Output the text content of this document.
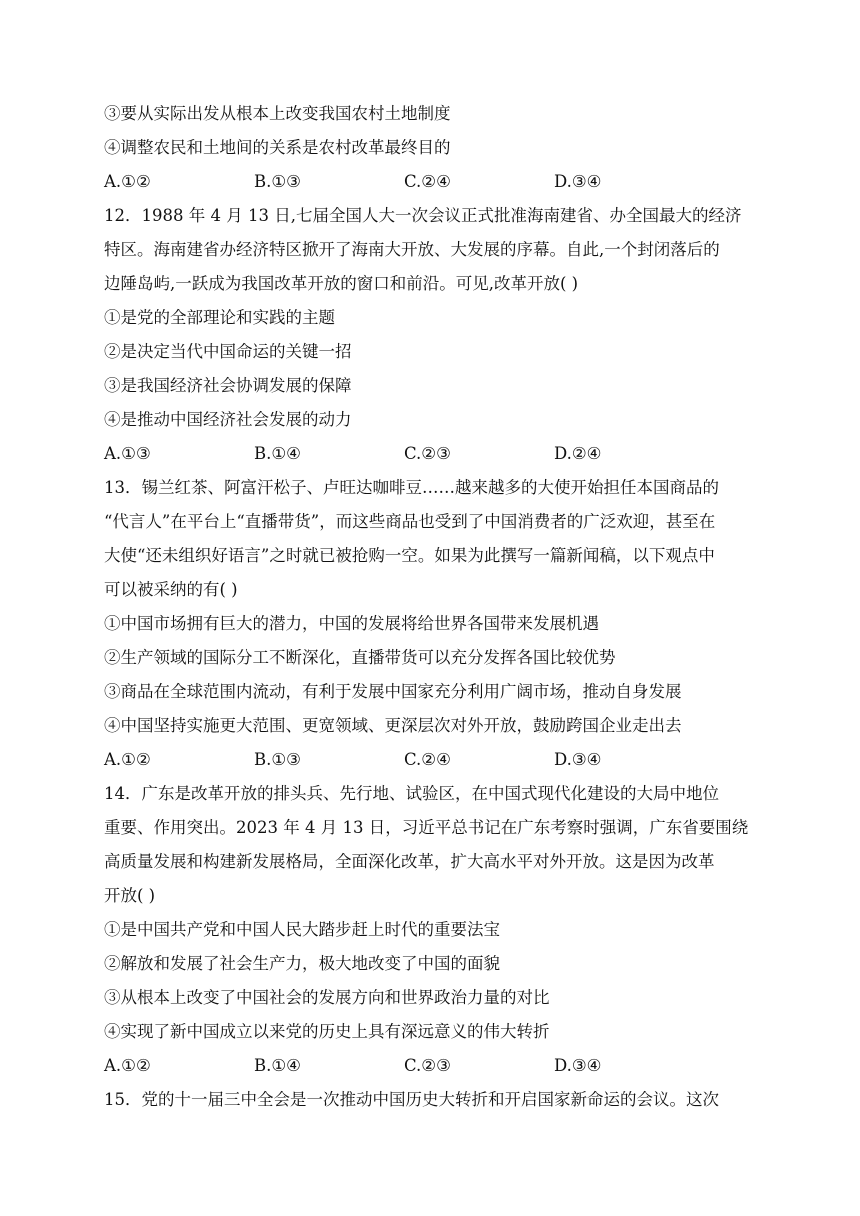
③要从实际出发从根本上改变我国农村土地制度
④调整农民和土地间的关系是农村改革最终目的
A.①②	B.①③	C.②④	D.③④
12．1988 年 4 月 13 日,七届全国人大一次会议正式批准海南建省、办全国最大的经济
特区。海南建省办经济特区掀开了海南大开放、大发展的序幕。自此,一个封闭落后的
边陲岛屿,一跃成为我国改革开放的窗口和前沿。可见,改革开放( )
①是党的全部理论和实践的主题
②是决定当代中国命运的关键一招
③是我国经济社会协调发展的保障
④是推动中国经济社会发展的动力
A.①③	B.①④	C.②③	D.②④
13．锡兰红茶、阿富汗松子、卢旺达咖啡豆……越来越多的大使开始担任本国商品的
“代言人”在平台上“直播带货”，而这些商品也受到了中国消费者的广泛欢迎，甚至在
大使“还未组织好语言”之时就已被抢购一空。如果为此撰写一篇新闻稿，以下观点中
可以被采纳的有( )
①中国市场拥有巨大的潜力，中国的发展将给世界各国带来发展机遇
②生产领域的国际分工不断深化，直播带货可以充分发挥各国比较优势
③商品在全球范围内流动，有利于发展中国家充分利用广阔市场，推动自身发展
④中国坚持实施更大范围、更宽领域、更深层次对外开放，鼓励跨国企业走出去
A.①②	B.①③	C.②④	D.③④
14．广东是改革开放的排头兵、先行地、试验区，在中国式现代化建设的大局中地位
重要、作用突出。2023 年 4 月 13 日，习近平总书记在广东考察时强调，广东省要围绕
高质量发展和构建新发展格局，全面深化改革，扩大高水平对外开放。这是因为改革
开放( )
①是中国共产党和中国人民大踏步赶上时代的重要法宝
②解放和发展了社会生产力，极大地改变了中国的面貌
③从根本上改变了中国社会的发展方向和世界政治力量的对比
④实现了新中国成立以来党的历史上具有深远意义的伟大转折
A.①②	B.①④	C.②③	D.③④
15．党的十一届三中全会是一次推动中国历史大转折和开启国家新命运的会议。这次
